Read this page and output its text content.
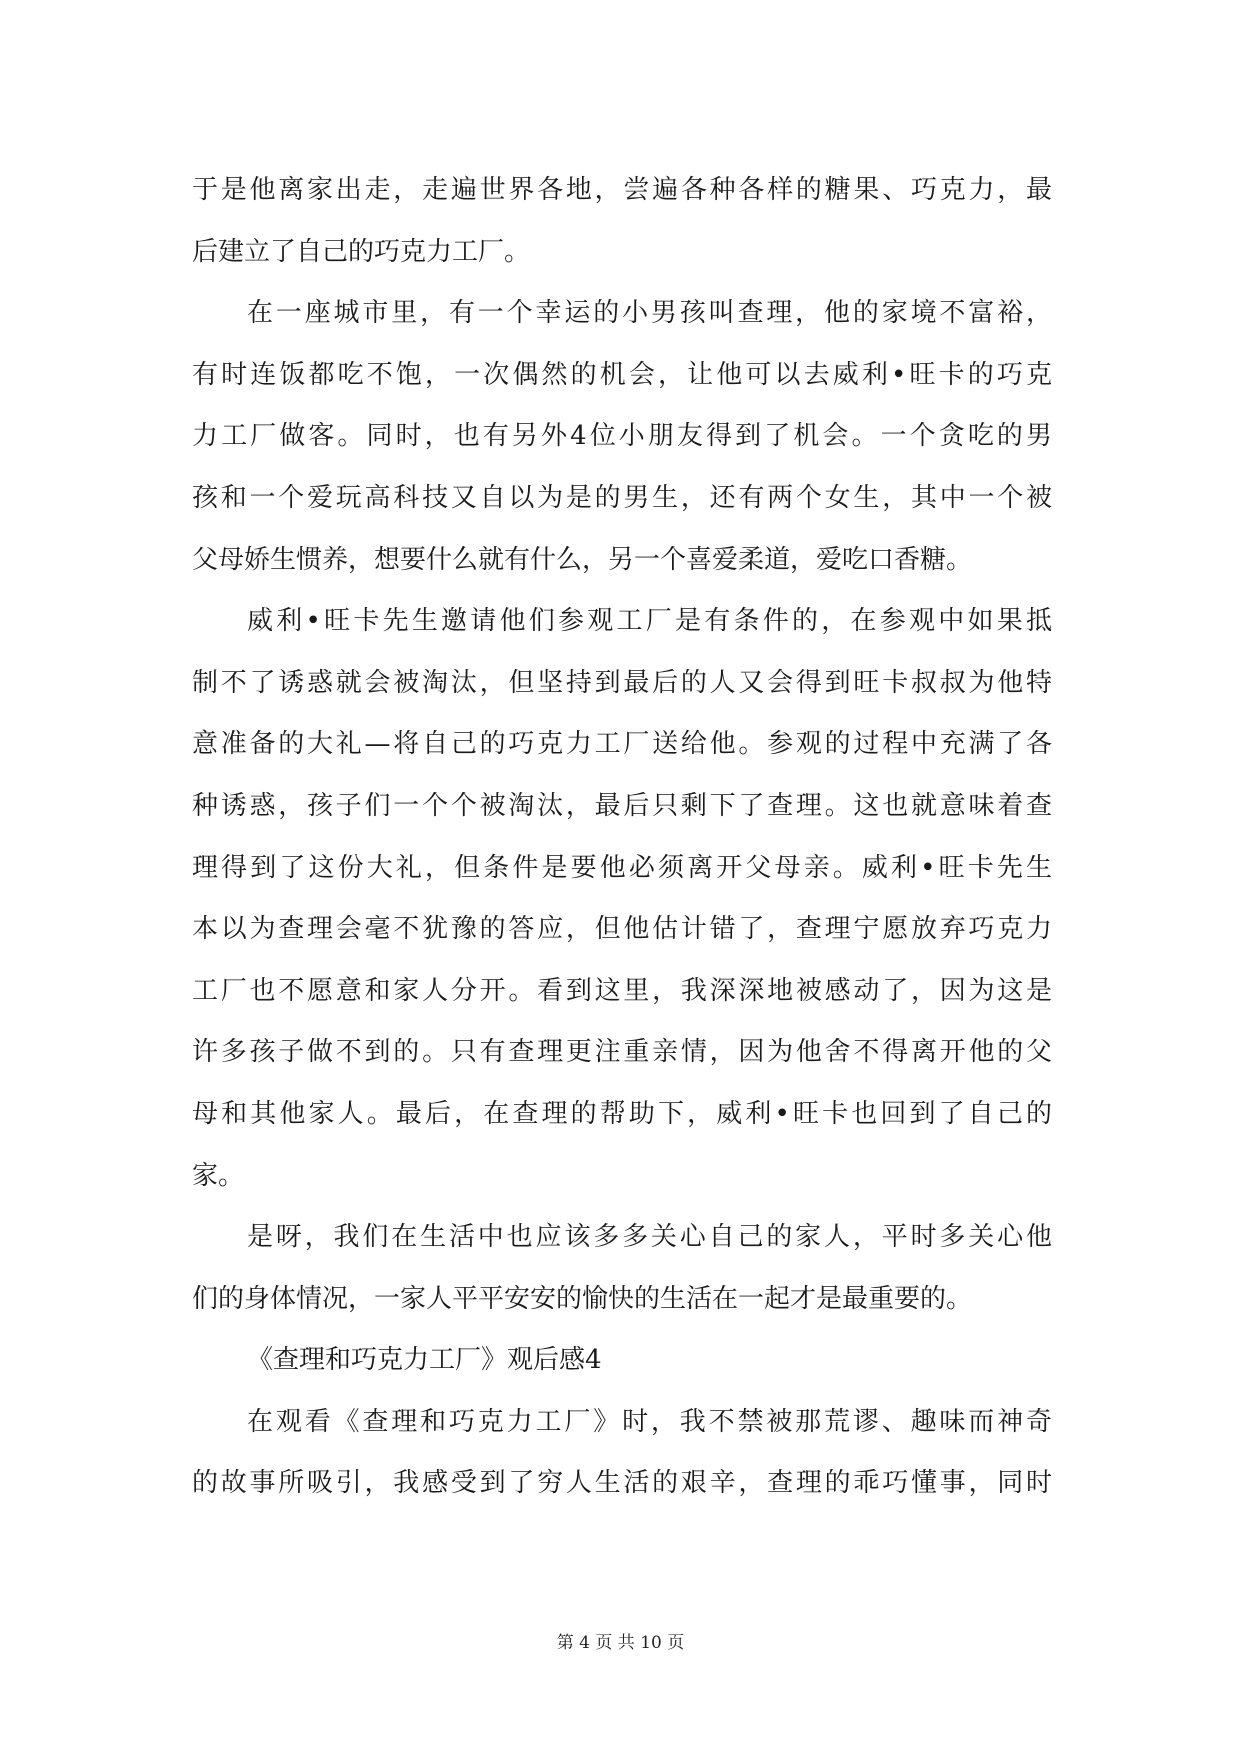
于是他离家出走，走遍世界各地，尝遍各种各样的糖果、巧克力，最
后建立了自己的巧克力工厂。
在一座城市里，有一个幸运的小男孩叫查理，他的家境不富裕，
有时连饭都吃不饱，一次偶然的机会，让他可以去威利•旺卡的巧克
力工厂做客。同时，也有另外4位小朋友得到了机会。一个贪吃的男
孩和一个爱玩高科技又自以为是的男生，还有两个女生，其中一个被
父母娇生惯养，想要什么就有什么，另一个喜爱柔道，爱吃口香糖。
威利•旺卡先生邀请他们参观工厂是有条件的，在参观中如果抵
制不了诱惑就会被淘汰，但坚持到最后的人又会得到旺卡叔叔为他特
意准备的大礼—将自己的巧克力工厂送给他。参观的过程中充满了各
种诱惑，孩子们一个个被淘汰，最后只剩下了查理。这也就意味着查
理得到了这份大礼，但条件是要他必须离开父母亲。威利•旺卡先生
本以为查理会毫不犹豫的答应，但他估计错了，查理宁愿放弃巧克力
工厂也不愿意和家人分开。看到这里，我深深地被感动了，因为这是
许多孩子做不到的。只有查理更注重亲情，因为他舍不得离开他的父
母和其他家人。最后，在查理的帮助下，威利•旺卡也回到了自己的
家。
是呀，我们在生活中也应该多多关心自己的家人，平时多关心他
们的身体情况，一家人平平安安的愉快的生活在一起才是最重要的。
《查理和巧克力工厂》观后感4
在观看《查理和巧克力工厂》时，我不禁被那荒谬、趣味而神奇
的故事所吸引，我感受到了穷人生活的艰辛，查理的乖巧懂事，同时
第 4 页 共 10 页
